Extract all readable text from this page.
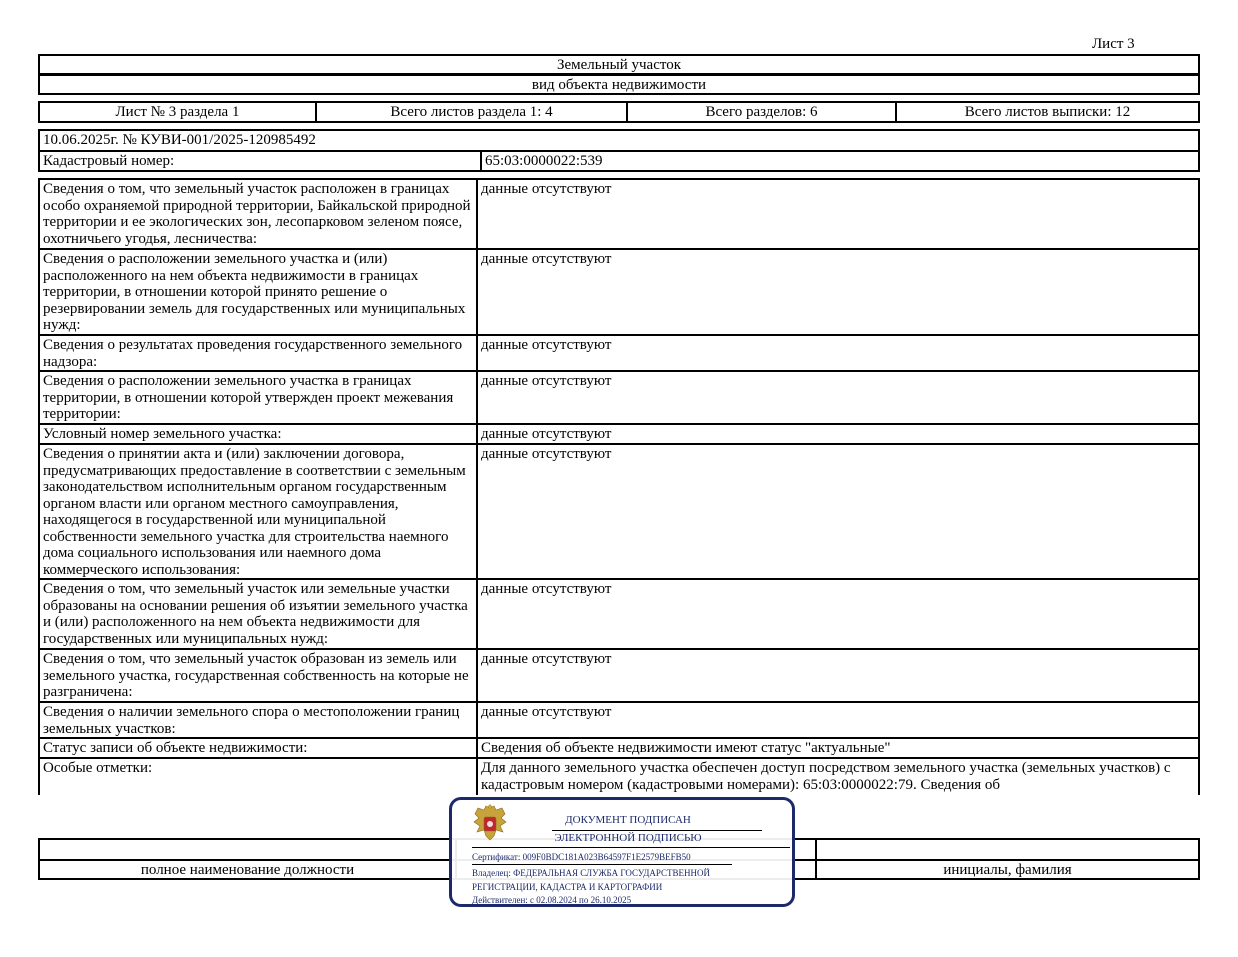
Лист 3
Земельный участок
вид объекта недвижимости
Лист № 3 раздела 1	Всего листов раздела 1: 4	Всего разделов: 6	Всего листов выписки: 12
10.06.2025г. № КУВИ-001/2025-120985492
Кадастровый номер:	65:03:0000022:539
Сведения о том, что земельный участок расположен в границах особо охраняемой природной территории, Байкальской природной территории и ее экологических зон, лесопарковом зеленом поясе, охотничьего угодья, лесничества:	данные отсутствуют
Сведения о расположении земельного участка и (или) расположенного на нем объекта недвижимости в границах территории, в отношении которой принято решение о резервировании земель для государственных или муниципальных нужд:	данные отсутствуют
Сведения о результатах проведения государственного земельного надзора:	данные отсутствуют
Сведения о расположении земельного участка в границах территории, в отношении которой утвержден проект межевания территории:	данные отсутствуют
Условный номер земельного участка:	данные отсутствуют
Сведения о принятии акта и (или) заключении договора, предусматривающих предоставление в соответствии с земельным законодательством исполнительным органом государственным органом власти или органом местного самоуправления, находящегося в государственной или муниципальной собственности земельного участка для строительства наемного дома социального использования или наемного дома коммерческого использования:	данные отсутствуют
Сведения о том, что земельный участок или земельные участки образованы на основании решения об изъятии земельного участка и (или) расположенного на нем объекта недвижимости для государственных или муниципальных нужд:	данные отсутствуют
Сведения о том, что земельный участок образован из земель или земельного участка, государственная собственность на которые не разграничена:	данные отсутствуют
Сведения о наличии земельного спора о местоположении границ земельных участков:	данные отсутствуют
Статус записи об объекте недвижимости:	Сведения об объекте недвижимости имеют статус "актуальные"
Особые отметки:	Для данного земельного участка обеспечен доступ посредством земельного участка (земельных участков) с кадастровым номером (кадастровыми номерами): 65:03:0000022:79. Сведения об
полное наименование должности	инициалы, фамилия
ДОКУМЕНТ ПОДПИСАН
ЭЛЕКТРОННОЙ ПОДПИСЬЮ
Сертификат: 009F0BDC181A023B64597F1E2579BEFB50
Владелец: ФЕДЕРАЛЬНАЯ СЛУЖБА ГОСУДАРСТВЕННОЙ
РЕГИСТРАЦИИ, КАДАСТРА И КАРТОГРАФИИ
Действителен: с 02.08.2024 по 26.10.2025
